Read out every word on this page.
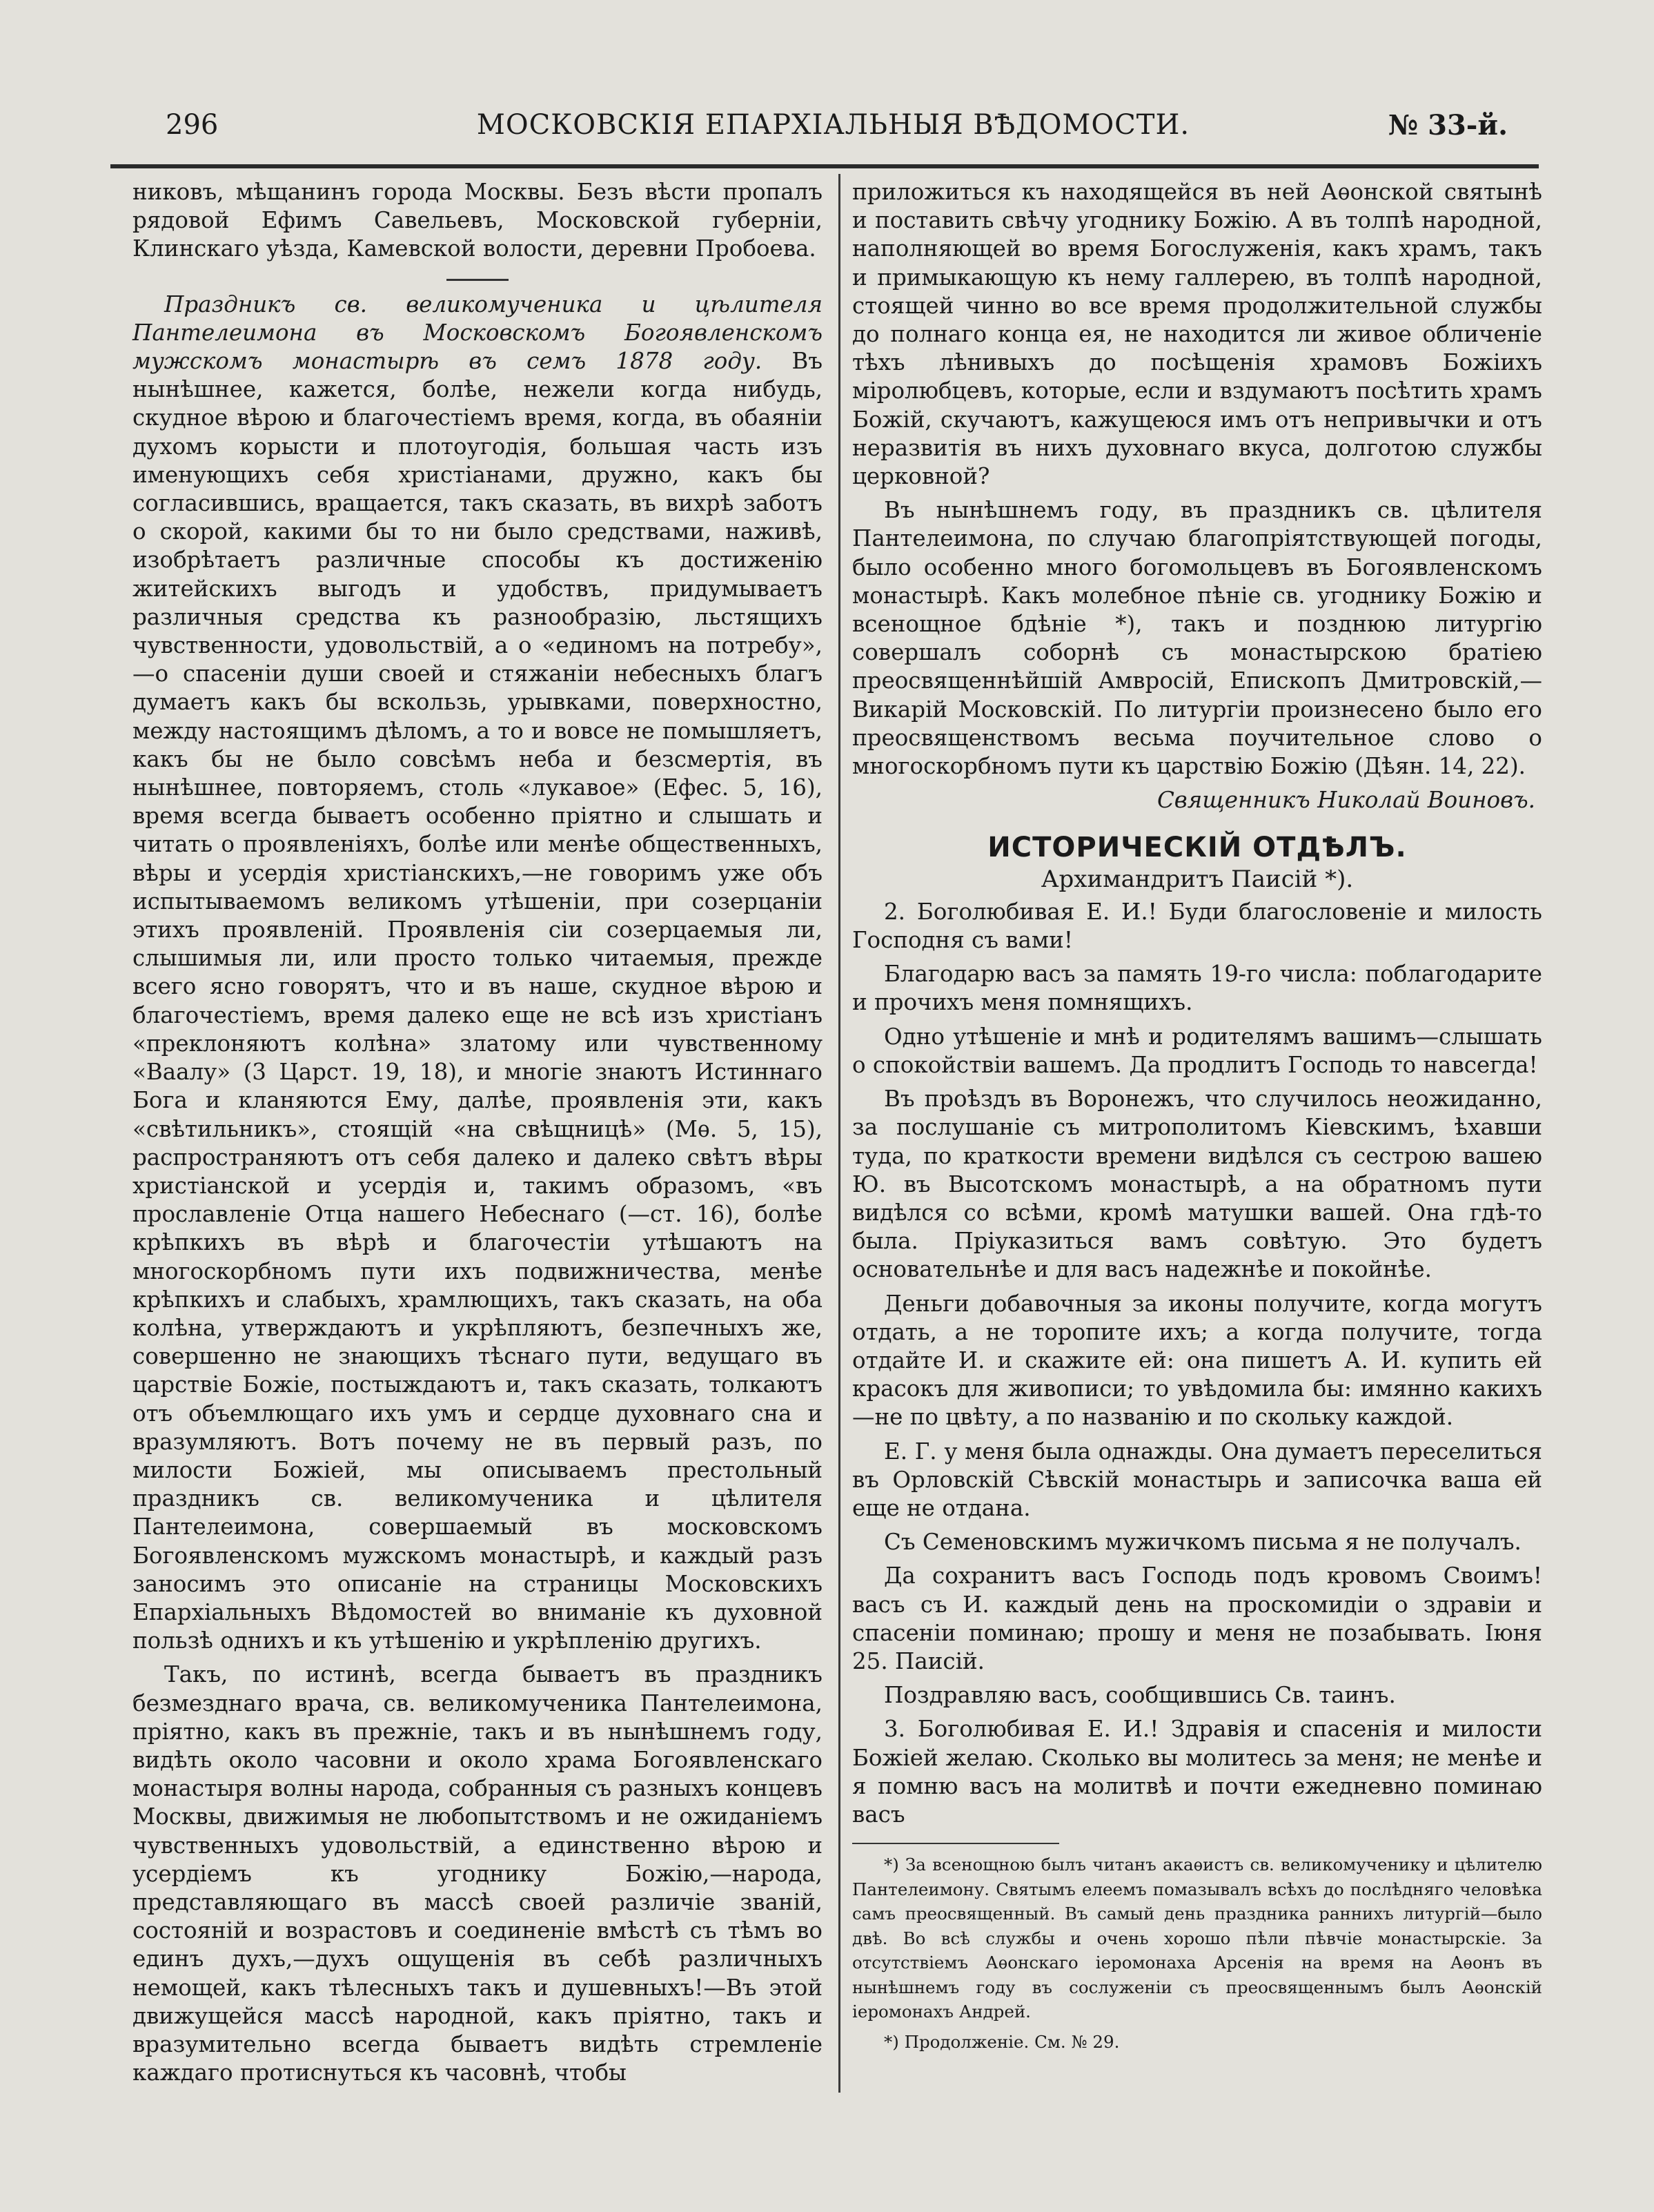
296	МОСКОВСКІЯ ЕПАРХІАЛЬНЫЯ ВѢДОМОСТИ.	№ 33-й.

никовъ, мѣщанинъ города Москвы. Безъ вѣсти пропалъ рядовой Ефимъ Савельевъ, Московской губерніи, Клинскаго уѣзда, Камевской волости, деревни Пробоева.

Праздникъ св. великомученика и цѣлителя Пантелеимона въ Московскомъ Богоявленскомъ мужскомъ монастырѣ въ семъ 1878 году. Въ нынѣшнее, кажется, болѣе, нежели когда нибудь, скудное вѣрою и благочестіемъ время, когда, въ обаяніи духомъ корысти и плотоугодія, большая часть изъ именующихъ себя христіанами, дружно, какъ бы согласившись, вращается, такъ сказать, въ вихрѣ заботъ о скорой, какими бы то ни было средствами, наживѣ, изобрѣтаетъ различные способы къ достиженію житейскихъ выгодъ и удобствъ, придумываетъ различныя средства къ разнообразію, льстящихъ чувственности, удовольствій, а о «единомъ на потребу»,—о спасеніи души своей и стяжаніи небесныхъ благъ думаетъ какъ бы вскользь, урывками, поверхностно, между настоящимъ дѣломъ, а то и вовсе не помышляетъ, какъ бы не было совсѣмъ неба и безсмертія, въ нынѣшнее, повторяемъ, столь «лукавое» (Ефес. 5, 16), время всегда бываетъ особенно пріятно и слышать и читать о проявленіяхъ, болѣе или менѣе общественныхъ, вѣры и усердія христіанскихъ,—не говоримъ уже объ испытываемомъ великомъ утѣшеніи, при созерцаніи этихъ проявленій. Проявленія сіи созерцаемыя ли, слышимыя ли, или просто только читаемыя, прежде всего ясно говорятъ, что и въ наше, скудное вѣрою и благочестіемъ, время далеко еще не всѣ изъ христіанъ «преклоняютъ колѣна» златому или чувственному «Ваалу» (3 Царст. 19, 18), и многіе знаютъ Истиннаго Бога и кланяются Ему, далѣе, проявленія эти, какъ «свѣтильникъ», стоящій «на свѣщницѣ» (Мѳ. 5, 15), распространяютъ отъ себя далеко и далеко свѣтъ вѣры христіанской и усердія и, такимъ образомъ, «въ прославленіе Отца нашего Небеснаго (—ст. 16), болѣе крѣпкихъ въ вѣрѣ и благочестіи утѣшаютъ на многоскорбномъ пути ихъ подвижничества, менѣе крѣпкихъ и слабыхъ, храмлющихъ, такъ сказать, на оба колѣна, утверждаютъ и укрѣпляютъ, безпечныхъ же, совершенно не знающихъ тѣснаго пути, ведущаго въ царствіе Божіе, постыждаютъ и, такъ сказать, толкаютъ отъ объемлющаго ихъ умъ и сердце духовнаго сна и вразумляютъ. Вотъ почему не въ первый разъ, по милости Божіей, мы описываемъ престольный праздникъ св. великомученика и цѣлителя Пантелеимона, совершаемый въ московскомъ Богоявленскомъ мужскомъ монастырѣ, и каждый разъ заносимъ это описаніе на страницы Московскихъ Епархіальныхъ Вѣдомостей во вниманіе къ духовной пользѣ однихъ и къ утѣшенію и укрѣпленію другихъ.

Такъ, по истинѣ, всегда бываетъ въ праздникъ безмезднаго врача, св. великомученика Пантелеимона, пріятно, какъ въ прежніе, такъ и въ нынѣшнемъ году, видѣть около часовни и около храма Богоявленскаго монастыря волны народа, собранныя съ разныхъ концевъ Москвы, движимыя не любопытствомъ и не ожиданіемъ чувственныхъ удовольствій, а единственно вѣрою и усердіемъ къ угоднику Божію,—народа, представляющаго въ массѣ своей различіе званій, состояній и возрастовъ и соединеніе вмѣстѣ съ тѣмъ во единъ духъ,—духъ ощущенія въ себѣ различныхъ немощей, какъ тѣлесныхъ такъ и душевныхъ!—Въ этой движущейся массѣ народной, какъ пріятно, такъ и вразумительно всегда бываетъ видѣть стремленіе каждаго протиснуться къ часовнѣ, чтобы

приложиться къ находящейся въ ней Аѳонской святынѣ и поставить свѣчу угоднику Божію. А въ толпѣ народной, наполняющей во время Богослуженія, какъ храмъ, такъ и примыкающую къ нему галлерею, въ толпѣ народной, стоящей чинно во все время продолжительной службы до полнаго конца ея, не находится ли живое обличеніе тѣхъ лѣнивыхъ до посѣщенія храмовъ Божіихъ міролюбцевъ, которые, если и вздумаютъ посѣтить храмъ Божій, скучаютъ, кажущеюся имъ отъ непривычки и отъ неразвитія въ нихъ духовнаго вкуса, долготою службы церковной?

Въ нынѣшнемъ году, въ праздникъ св. цѣлителя Пантелеимона, по случаю благопріятствующей погоды, было особенно много богомольцевъ въ Богоявленскомъ монастырѣ. Какъ молебное пѣніе св. угоднику Божію и всенощное бдѣніе *), такъ и позднюю литургію совершалъ соборнѣ съ монастырскою братіею преосвященнѣйшій Амвросій, Епископъ Дмитровскій,—Викарій Московскій. По литургіи произнесено было его преосвященствомъ весьма поучительное слово о многоскорбномъ пути къ царствію Божію (Дѣян. 14, 22).

Священникъ Николай Воиновъ.

ИСТОРИЧЕСКІЙ ОТДѢЛЪ.
Архимандритъ Паисій *).

2. Боголюбивая Е. И.! Буди благословеніе и милость Господня съ вами!

Благодарю васъ за память 19-го числа: поблагодарите и прочихъ меня помнящихъ.

Одно утѣшеніе и мнѣ и родителямъ вашимъ—слышать о спокойствіи вашемъ. Да продлитъ Господь то навсегда!

Въ проѣздъ въ Воронежъ, что случилось неожиданно, за послушаніе съ митрополитомъ Кіевскимъ, ѣхавши туда, по краткости времени видѣлся съ сестрою вашею Ю. въ Высотскомъ монастырѣ, а на обратномъ пути видѣлся со всѣми, кромѣ матушки вашей. Она гдѣ-то была. Пріуказиться вамъ совѣтую. Это будетъ основательнѣе и для васъ надежнѣе и покойнѣе.

Деньги добавочныя за иконы получите, когда могутъ отдать, а не торопите ихъ; а когда получите, тогда отдайте И. и скажите ей: она пишетъ А. И. купить ей красокъ для живописи; то увѣдомила бы: имянно какихъ—не по цвѣту, а по названію и по скольку каждой.

Е. Г. у меня была однажды. Она думаетъ переселиться въ Орловскій Сѣвскій монастырь и записочка ваша ей еще не отдана.

Съ Семеновскимъ мужичкомъ письма я не получалъ.

Да сохранитъ васъ Господь подъ кровомъ Своимъ! васъ съ И. каждый день на проскомидіи о здравіи и спасеніи поминаю; прошу и меня не позабывать. Іюня 25. Паисій.

Поздравляю васъ, сообщившись Св. таинъ.

3. Боголюбивая Е. И.! Здравія и спасенія и милости Божіей желаю. Сколько вы молитесь за меня; не менѣе и я помню васъ на молитвѣ и почти ежедневно поминаю васъ

*) За всенощною былъ читанъ акаѳистъ св. великомученику и цѣлителю Пантелеимону. Святымъ елеемъ помазывалъ всѣхъ до послѣдняго человѣка самъ преосвященный. Въ самый день праздника раннихъ литургій—было двѣ. Во всѣ службы и очень хорошо пѣли пѣвчіе монастырскіе. За отсутствіемъ Аѳонскаго іеромонаха Арсенія на время на Аѳонъ въ нынѣшнемъ году въ сослуженіи съ преосвященнымъ былъ Аѳонскій іеромонахъ Андрей.

*) Продолженіе. См. № 29.
